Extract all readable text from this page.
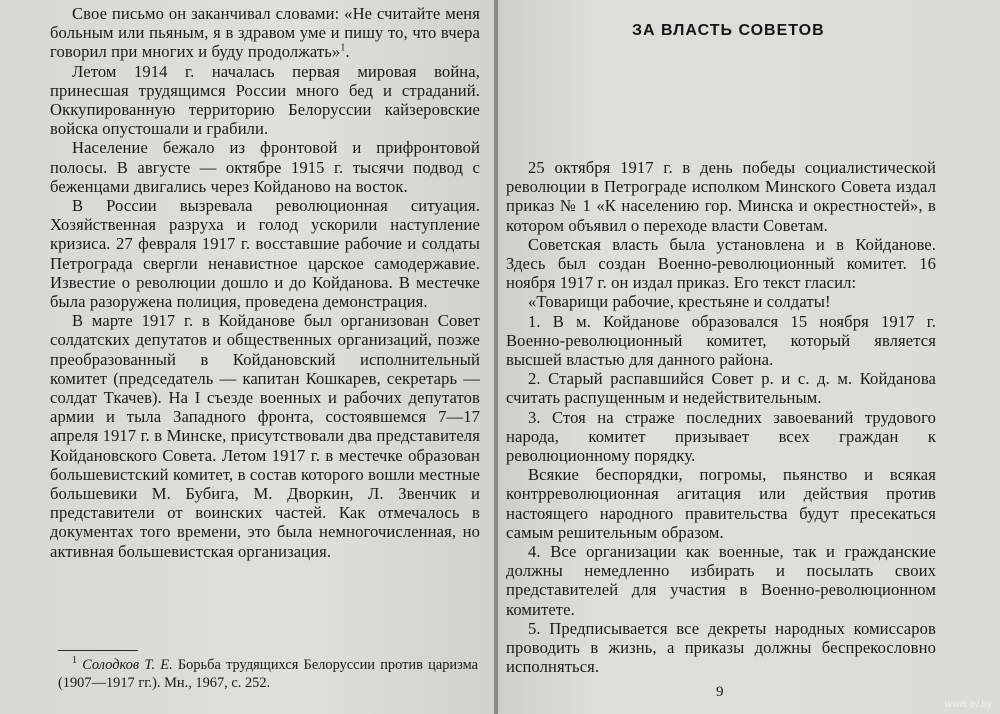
Свое письмо он заканчивал словами: «Не считайте меня больным или пьяным, я в здравом уме и пишу то, что вчера говорил при многих и буду продолжать»$^1$.

Летом 1914 г. началась первая мировая война, принесшая трудящимся России много бед и страданий. Оккупированную территорию Белоруссии кайзеровские войска опустошали и грабили.

Население бежало из фронтовой и прифронтовой полосы. В августе — октябре 1915 г. тысячи подвод с беженцами двигались через Койданово на восток.

В России вызревала революционная ситуация. Хозяйственная разруха и голод ускорили наступление кризиса. 27 февраля 1917 г. восставшие рабочие и солдаты Петрограда свергли ненавистное царское самодержавие. Известие о революции дошло и до Койданова. В местечке была разоружена полиция, проведена демонстрация.

В марте 1917 г. в Койданове был организован Совет солдатских депутатов и общественных организаций, позже преобразованный в Койдановский исполнительный комитет (председатель — капитан Кошкарев, секретарь — солдат Ткачев). На I съезде военных и рабочих депутатов армии и тыла Западного фронта, состоявшемся 7—17 апреля 1917 г. в Минске, присутствовали два представителя Койдановского Совета. Летом 1917 г. в местечке образован большевистский комитет, в состав которого вошли местные большевики М. Бубига, М. Дворкин, Л. Звенчик и представители от воинских частей. Как отмечалось в документах того времени, это была немногочисленная, но активная большевистская организация.

$^1$ Солодков Т. Е. Борьба трудящихся Белоруссии против царизма (1907—1917 гг.). Мн., 1967, с. 252.
ЗА ВЛАСТЬ СОВЕТОВ

25 октября 1917 г. в день победы социалистической революции в Петрограде исполком Минского Совета издал приказ № 1 «К населению гор. Минска и окрестностей», в котором объявил о переходе власти Советам.

Советская власть была установлена и в Койданове. Здесь был создан Военно-революционный комитет. 16 ноября 1917 г. он издал приказ. Его текст гласил:

«Товарищи рабочие, крестьяне и солдаты!

1. В м. Койданове образовался 15 ноября 1917 г. Военно-революционный комитет, который является высшей властью для данного района.

2. Старый распавшийся Совет р. и с. д. м. Койданова считать распущенным и недействительным.

3. Стоя на страже последних завоеваний трудового народа, комитет призывает всех граждан к революционному порядку.

Всякие беспорядки, погромы, пьянство и всякая контрреволюционная агитация или действия против настоящего народного правительства будут пресекаться самым решительным образом.

4. Все организации как военные, так и гражданские должны немедленно избирать и посылать своих представителей для участия в Военно-революционном комитете.

5. Предписывается все декреты народных комиссаров проводить в жизнь, а приказы должны беспрекословно исполняться.

9
www.ay.by
